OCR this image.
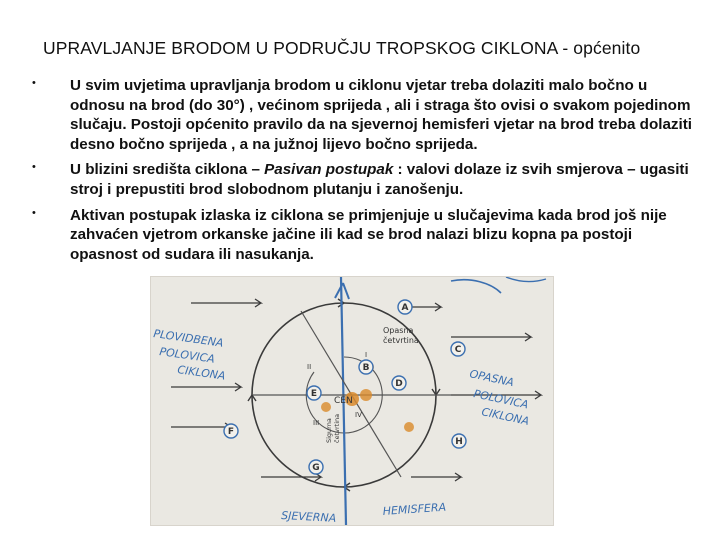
UPRAVLJANJE BRODOM U PODRUČJU TROPSKOG CIKLONA - općenito
• U svim uvjetima upravljanja brodom u ciklonu vjetar treba dolaziti malo bočno u odnosu na brod (do 30°) , većinom sprijeda , ali i straga što ovisi o svakom pojedinom slučaju. Postoji općenito pravilo da na sjevernoj hemisferi vjetar na brod treba dolaziti desno bočno sprijeda , a na južnoj lijevo bočno sprijeda.
• U blizini središta ciklona – Pasivan postupak : valovi dolaze iz svih smjerova – ugasiti stroj i prepustiti brod slobodnom plutanju i zanošenju.
• Aktivan postupak izlaska iz ciklona se primjenjuje u slučajevima kada brod još nije zahvaćen vjetrom orkanske jačine ili kad se brod nalazi blizu kopna pa postoji opasnost od sudara ili nasukanja.
A
B
C
D
E
F
G
H
Opasna
četvrtina
Sigurna četvrtina
I
II
III
IV
CEN
PLOVIDBENA
POLOVICA
CIKLONA	OPASNA
POLOVICA
CIKLONA
SJEVERNA	HEMISFERA
